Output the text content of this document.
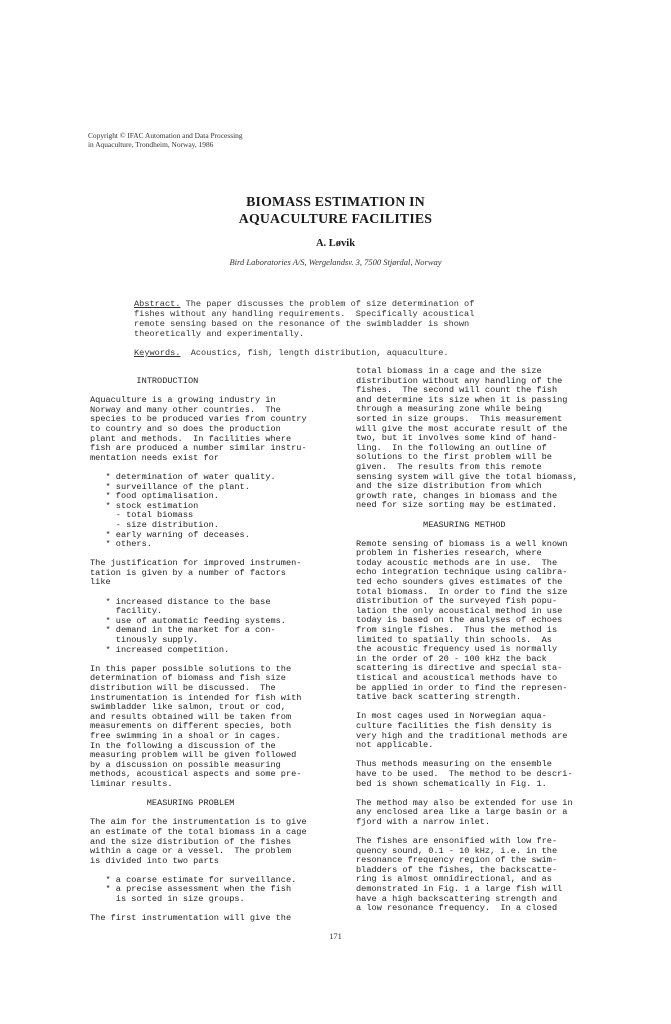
Copyright © IFAC Automation and Data Processing
in Aquaculture, Trondheim, Norway, 1986
BIOMASS ESTIMATION IN
AQUACULTURE FACILITIES
A. Løvik
Bird Laboratories A/S, Wergelandsv. 3, 7500 Stjørdal, Norway
Abstract. The paper discusses the problem of size determination of
fishes without any handling requirements.  Specifically acoustical
remote sensing based on the resonance of the swimbladder is shown
theoretically and experimentally.
Keywords.  Acoustics, fish, length distribution, aquaculture.
INTRODUCTION
Aquaculture is a growing industry in
Norway and many other countries.  The
species to be produced varies from country
to country and so does the production
plant and methods.  In facilities where
fish are produced a number similar instru-
mentation needs exist for
* determination of water quality.
* surveillance of the plant.
* food optimalisation.
* stock estimation
- total biomass
- size distribution.
* early warning of deceases.
* others.
The justification for improved instrumen-
tation is given by a number of factors
like
* increased distance to the base
facility.
* use of automatic feeding systems.
* demand in the market for a con-
tinously supply.
* increased competition.
In this paper possible solutions to the
determination of biomass and fish size
distribution will be discussed.  The
instrumentation is intended for fish with
swimbladder like salmon, trout or cod,
and results obtained will be taken from
measurements on different species, both
free swimming in a shoal or in cages.
In the following a discussion of the
measuring problem will be given followed
by a discussion on possible measuring
methods, acoustical aspects and some pre-
liminar results.
MEASURING PROBLEM
The aim for the instrumentation is to give
an estimate of the total biomass in a cage
and the size distribution of the fishes
within a cage or a vessel.  The problem
is divided into two parts
* a coarse estimate for surveillance.
* a precise assessment when the fish
is sorted in size groups.
The first instrumentation will give the
total biomass in a cage and the size
distribution without any handling of the
fishes.  The second will count the fish
and determine its size when it is passing
through a measuring zone while being
sorted in size groups.  This measurement
will give the most accurate result of the
two, but it involves some kind of hand-
ling.  In the following an outline of
solutions to the first problem will be
given.  The results from this remote
sensing system will give the total biomass,
and the size distribution from which
growth rate, changes in biomass and the
need for size sorting may be estimated.
MEASURING METHOD
Remote sensing of biomass is a well known
problem in fisheries research, where
today acoustic methods are in use.  The
echo integration technique using calibra-
ted echo sounders gives estimates of the
total biomass.  In order to find the size
distribution of the surveyed fish popu-
lation the only acoustical method in use
today is based on the analyses of echoes
from single fishes.  Thus the method is
limited to spatially thin schools.  As
the acoustic frequency used is normally
in the order of 20 - 100 kHz the back
scattering is directive and special sta-
tistical and acoustical methods have to
be applied in order to find the represen-
tative back scattering strength.
In most cages used in Norwegian aqua-
culture facilities the fish density is
very high and the traditional methods are
not applicable.
Thus methods measuring on the ensemble
have to be used.  The method to be descri-
bed is shown schematically in Fig. 1.
The method may also be extended for use in
any enclosed area like a large basin or a
fjord with a narrow inlet.
The fishes are ensonified with low fre-
quency sound, 0.1 - 10 kHz, i.e. in the
resonance frequency region of the swim-
bladders of the fishes, the backscatte-
ring is almost omnidirectional, and as
demonstrated in Fig. 1 a large fish will
have a high backscattering strength and
a low resonance frequency.  In a closed
171
